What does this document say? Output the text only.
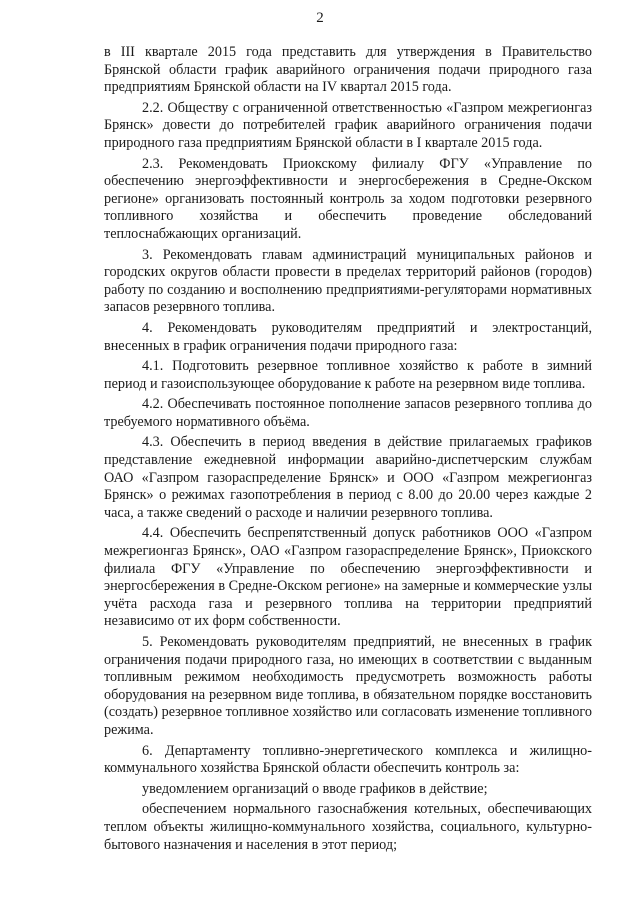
2

в III квартале 2015 года представить для утверждения в Правительство Брянской области график аварийного ограничения подачи природного газа предприятиям Брянской области на IV квартал 2015 года.

2.2. Обществу с ограниченной ответственностью «Газпром межрегионгаз Брянск» довести до потребителей график аварийного ограничения подачи природного газа предприятиям Брянской области в I квартале 2015 года.

2.3. Рекомендовать Приокскому филиалу ФГУ «Управление по обеспечению энергоэффективности и энергосбережения в Средне-Окском регионе» организовать постоянный контроль за ходом подготовки резервного топливного хозяйства и обеспечить проведение обследований теплоснабжающих организаций.

3. Рекомендовать главам администраций муниципальных районов и городских округов области провести в пределах территорий районов (городов) работу по созданию и восполнению предприятиями-регуляторами нормативных запасов резервного топлива.

4. Рекомендовать руководителям предприятий и электростанций, внесенных в график ограничения подачи природного газа:

4.1. Подготовить резервное топливное хозяйство к работе в зимний период и газоиспользующее оборудование к работе на резервном виде топлива.

4.2. Обеспечивать постоянное пополнение запасов резервного топлива до требуемого нормативного объёма.

4.3. Обеспечить в период введения в действие прилагаемых графиков представление ежедневной информации аварийно-диспетчерским службам ОАО «Газпром газораспределение Брянск» и ООО «Газпром межрегионгаз Брянск» о режимах газопотребления в период с 8.00 до 20.00 через каждые 2 часа, а также сведений о расходе и наличии резервного топлива.

4.4. Обеспечить беспрепятственный допуск работников ООО «Газпром межрегионгаз Брянск», ОАО «Газпром газораспределение Брянск», Приокского филиала ФГУ «Управление по обеспечению энергоэффективности и энергосбережения в Средне-Окском регионе» на замерные и коммерческие узлы учёта расхода газа и резервного топлива на территории предприятий независимо от их форм собственности.

5. Рекомендовать руководителям предприятий, не внесенных в график ограничения подачи природного газа, но имеющих в соответствии с выданным топливным режимом необходимость предусмотреть возможность работы оборудования на резервном виде топлива, в обязательном порядке восстановить (создать) резервное топливное хозяйство или согласовать изменение топливного режима.

6. Департаменту топливно-энергетического комплекса и жилищно-коммунального хозяйства Брянской области обеспечить контроль за:

уведомлением организаций о вводе графиков в действие;

обеспечением нормального газоснабжения котельных, обеспечивающих теплом объекты жилищно-коммунального хозяйства, социального, культурно-бытового назначения и населения в этот период;
